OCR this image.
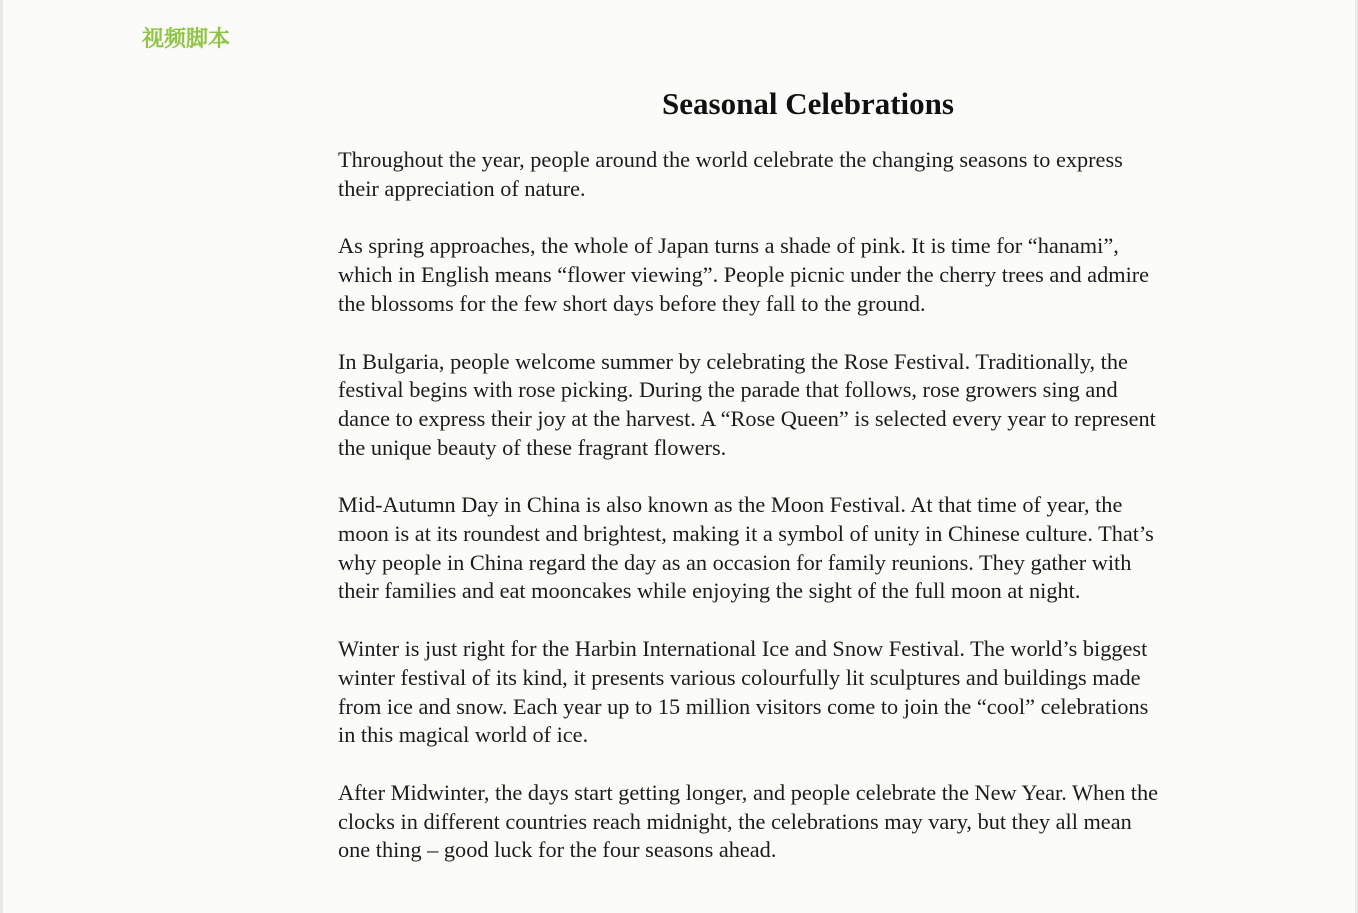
视频脚本
Seasonal Celebrations

Throughout the year, people around the world celebrate the changing seasons to express
their appreciation of nature.

As spring approaches, the whole of Japan turns a shade of pink. It is time for “hanami”,
which in English means “flower viewing”. People picnic under the cherry trees and admire
the blossoms for the few short days before they fall to the ground.

In Bulgaria, people welcome summer by celebrating the Rose Festival. Traditionally, the
festival begins with rose picking. During the parade that follows, rose growers sing and
dance to express their joy at the harvest. A “Rose Queen” is selected every year to represent
the unique beauty of these fragrant flowers.

Mid-Autumn Day in China is also known as the Moon Festival. At that time of year, the
moon is at its roundest and brightest, making it a symbol of unity in Chinese culture. That’s
why people in China regard the day as an occasion for family reunions. They gather with
their families and eat mooncakes while enjoying the sight of the full moon at night.

Winter is just right for the Harbin International Ice and Snow Festival. The world’s biggest
winter festival of its kind, it presents various colourfully lit sculptures and buildings made
from ice and snow. Each year up to 15 million visitors come to join the “cool” celebrations
in this magical world of ice.

After Midwinter, the days start getting longer, and people celebrate the New Year. When the
clocks in different countries reach midnight, the celebrations may vary, but they all mean
one thing – good luck for the four seasons ahead.
